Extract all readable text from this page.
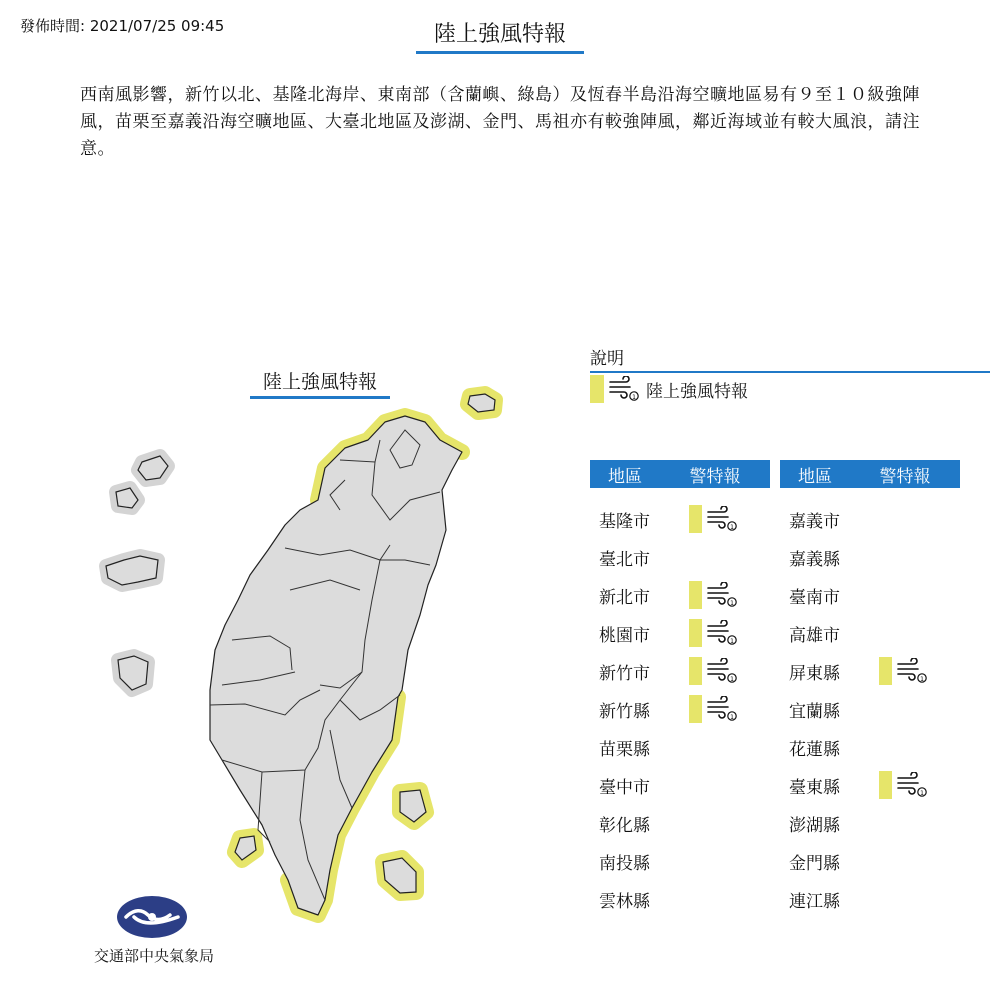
發佈時間: 2021/07/25 09:45	陸上強風特報
西南風影響，新竹以北、基隆北海岸、東南部（含蘭嶼、綠島）及恆春半島沿海空曠地區易有９至１０級強陣風，苗栗至嘉義沿海空曠地區、大臺北地區及澎湖、金門、馬祖亦有較強陣風，鄰近海域並有較大風浪，請注意。
陸上強風特報
說明
1 陸上強風特報
地區	警特報
基隆市	1
臺北市
新北市	1
桃園市	1
新竹市	1
新竹縣	1
苗栗縣
臺中市
彰化縣
南投縣
雲林縣
地區	警特報
嘉義市
嘉義縣
臺南市
高雄市
屏東縣	1
宜蘭縣
花蓮縣
臺東縣	1
澎湖縣
金門縣
連江縣
交通部中央氣象局
